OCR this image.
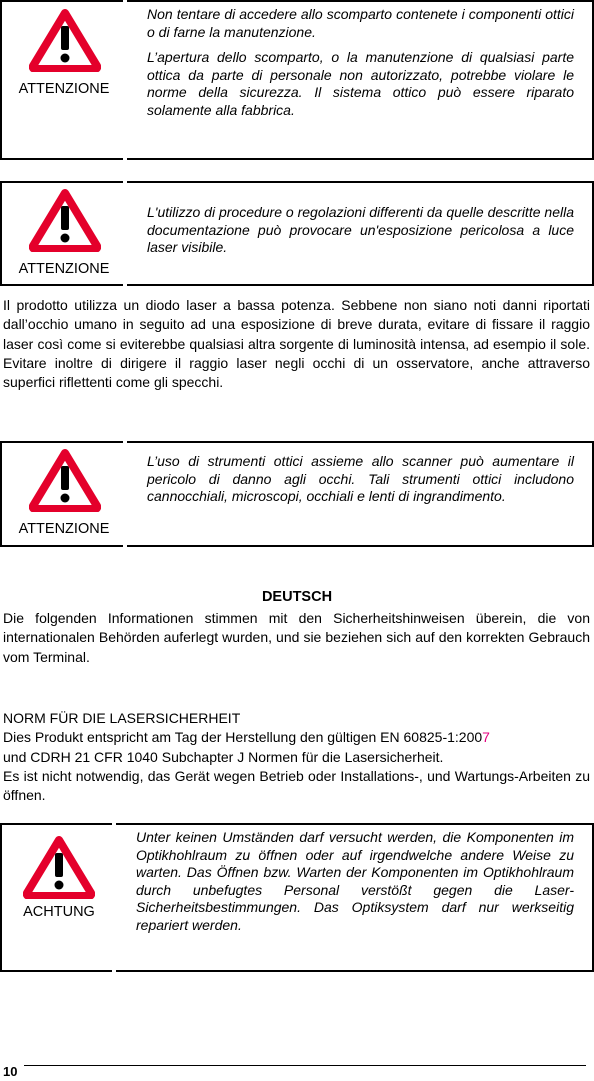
ATTENZIONE

Non tentare di accedere allo scomparto contenete i componenti ottici o di farne la manutenzione.

L’apertura dello scomparto, o la manutenzione di qualsiasi parte ottica da parte di personale non autorizzato, potrebbe violare le norme della sicurezza. Il sistema ottico può essere riparato solamente alla fabbrica.

ATTENZIONE

L'utilizzo di procedure o regolazioni differenti da quelle descritte nella documentazione può provocare un'esposizione pericolosa a luce laser visibile.

Il prodotto utilizza un diodo laser a bassa potenza. Sebbene non siano noti danni riportati dall’occhio umano in seguito ad una esposizione di breve durata, evitare di fissare il raggio laser così come si eviterebbe qualsiasi altra sorgente di luminosità intensa, ad esempio il sole. Evitare inoltre di dirigere il raggio laser negli occhi di un osservatore, anche attraverso superfici riflettenti come gli specchi.

ATTENZIONE

L’uso di strumenti ottici assieme allo scanner può aumentare il pericolo di danno agli occhi. Tali strumenti ottici includono cannocchiali, microscopi, occhiali e lenti di ingrandimento.

DEUTSCH

Die folgenden Informationen stimmen mit den Sicherheitshinweisen überein, die von internationalen Behörden auferlegt wurden, und sie beziehen sich auf den korrekten Gebrauch vom Terminal.

NORM FÜR DIE LASERSICHERHEIT
Dies Produkt entspricht am Tag der Herstellung den gültigen EN 60825-1:2007
und CDRH 21 CFR 1040 Subchapter J Normen für die Lasersicherheit.
Es ist nicht notwendig, das Gerät wegen Betrieb oder Installations-, und Wartungs-Arbeiten zu öffnen.
ACHTUNG

Unter keinen Umständen darf versucht werden, die Komponenten im Optikhohlraum zu öffnen oder auf irgendwelche andere Weise zu warten. Das Öffnen bzw. Warten der Komponenten im Optikhohlraum durch unbefugtes Personal verstößt gegen die Laser-Sicherheitsbestimmungen. Das Optiksystem darf nur werkseitig repariert werden.

10
